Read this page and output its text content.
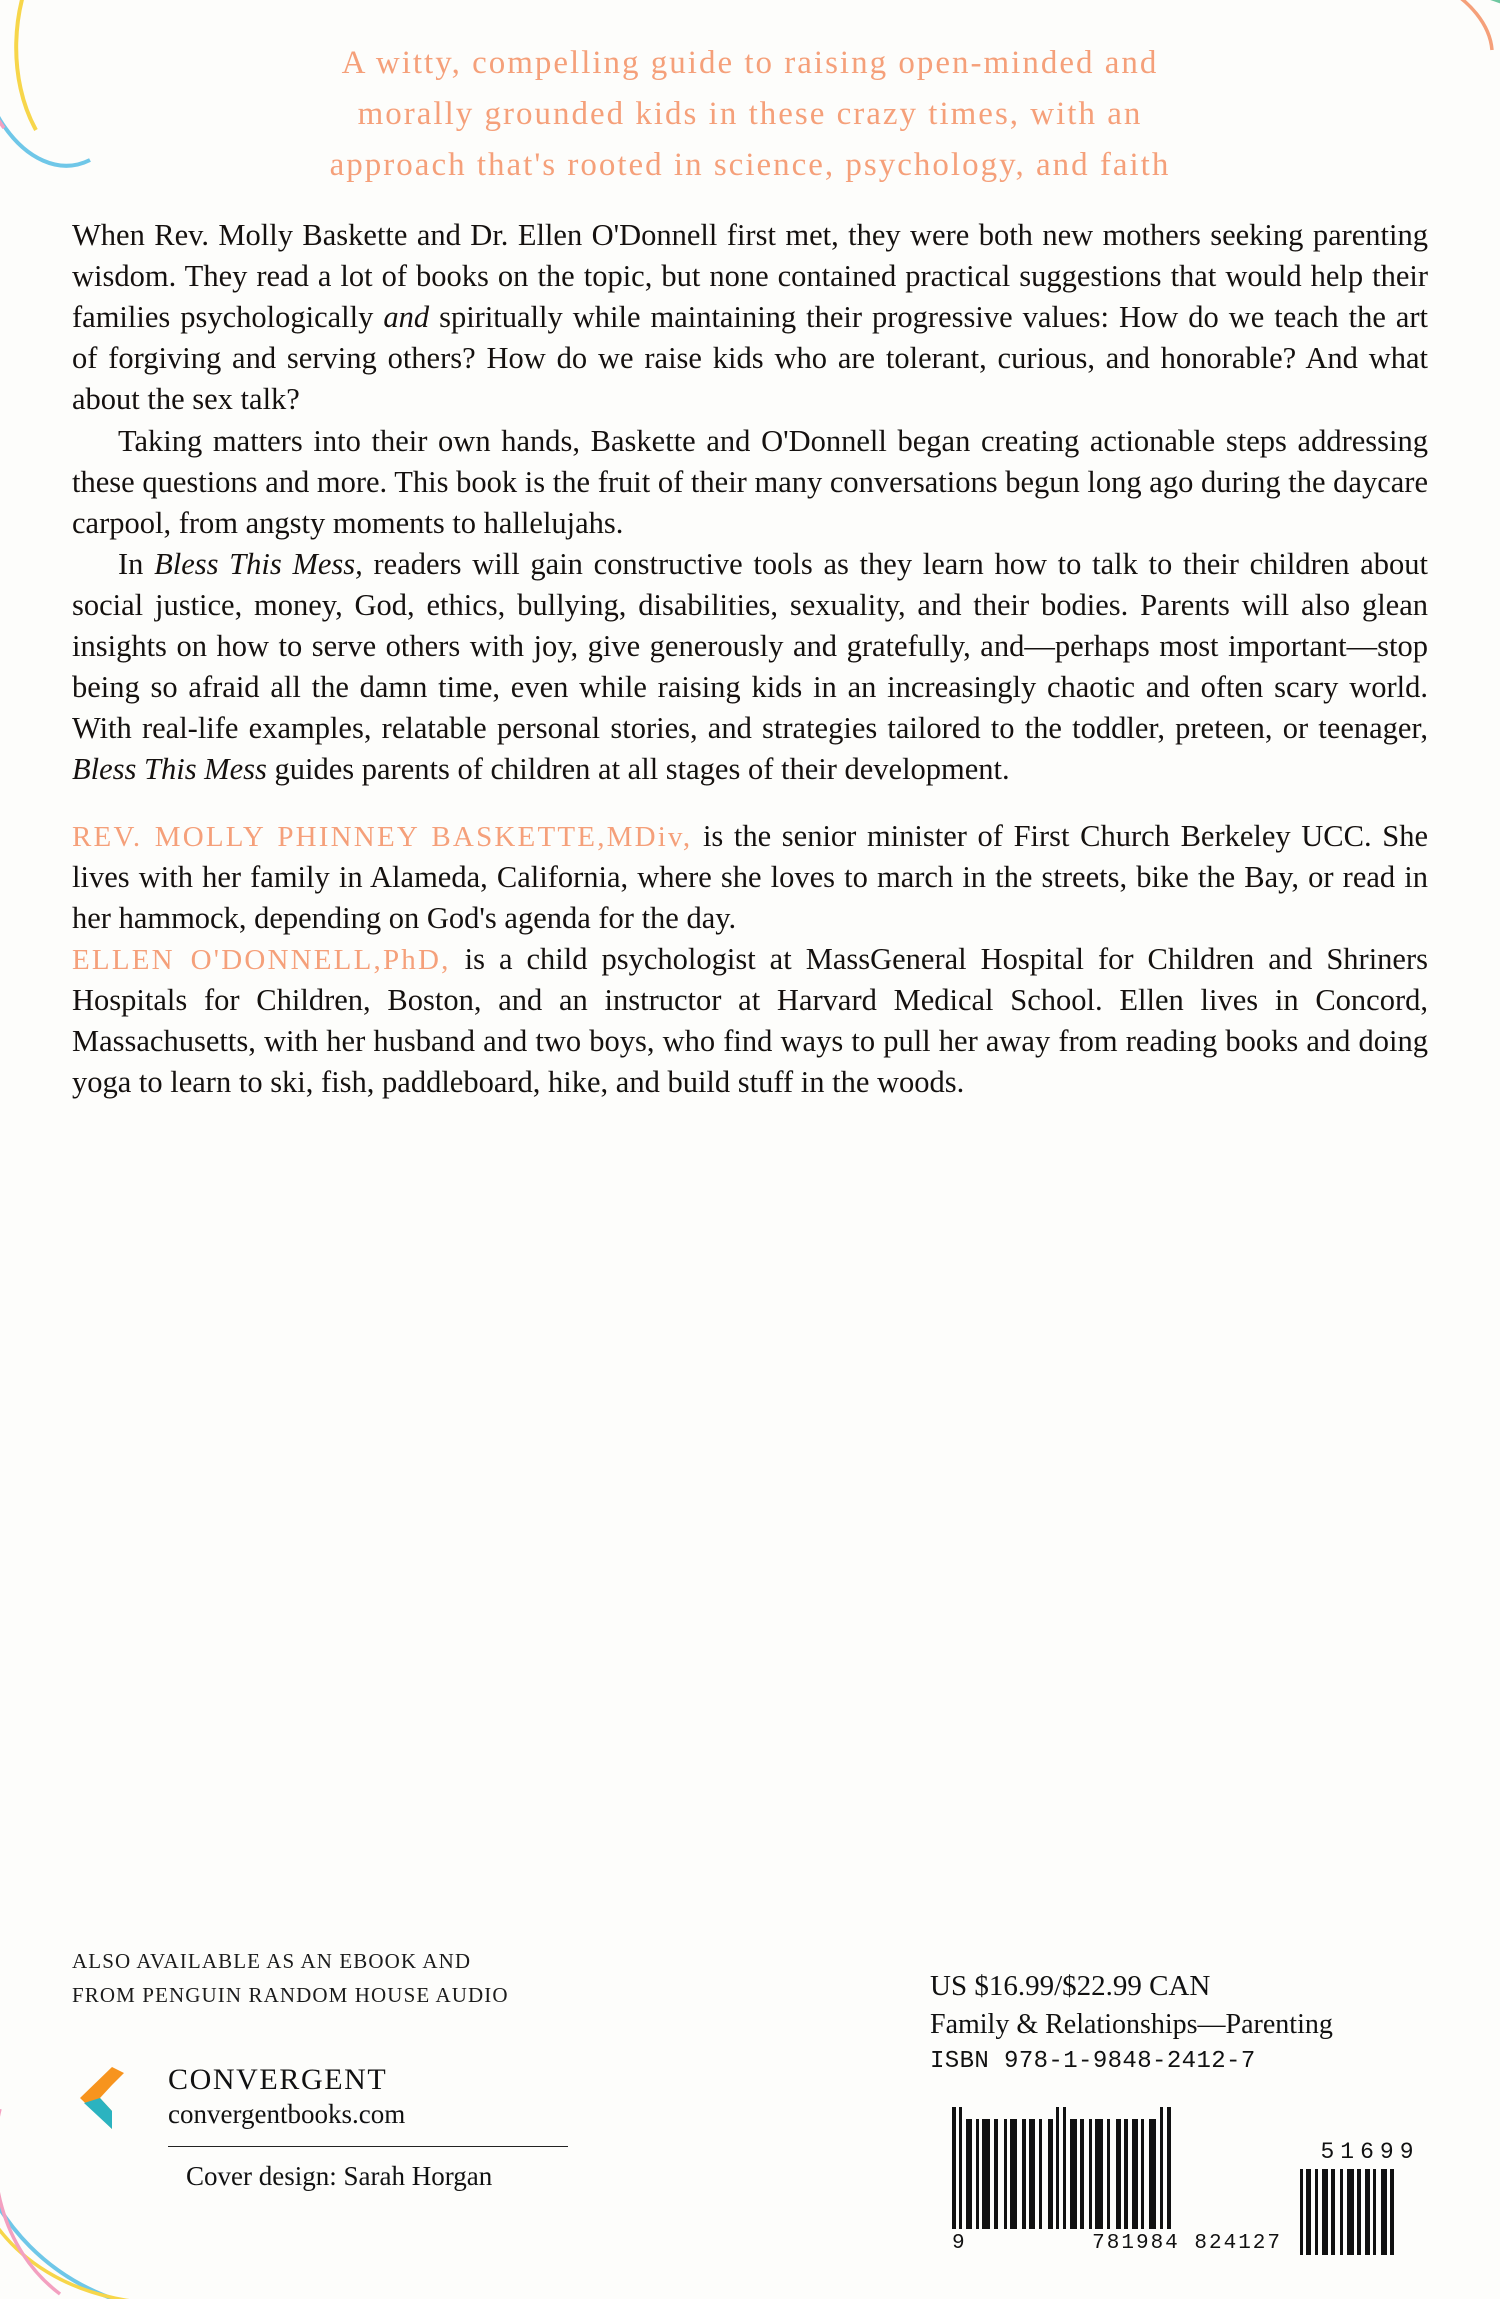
A witty, compelling guide to raising open-minded and
morally grounded kids in these crazy times, with an
approach that's rooted in science, psychology, and faith

When Rev. Molly Baskette and Dr. Ellen O'Donnell first met, they were both new mothers seeking parenting wisdom. They read a lot of books on the topic, but none contained practical suggestions that would help their families psychologically and spiritually while maintaining their progressive values: How do we teach the art of forgiving and serving others? How do we raise kids who are tolerant, curious, and honorable? And what about the sex talk?

Taking matters into their own hands, Baskette and O'Donnell began creating actionable steps addressing these questions and more. This book is the fruit of their many conversations begun long ago during the daycare carpool, from angsty moments to hallelujahs.

In Bless This Mess, readers will gain constructive tools as they learn how to talk to their children about social justice, money, God, ethics, bullying, disabilities, sexuality, and their bodies. Parents will also glean insights on how to serve others with joy, give generously and gratefully, and—perhaps most important—stop being so afraid all the damn time, even while raising kids in an increasingly chaotic and often scary world. With real-life examples, relatable personal stories, and strategies tailored to the toddler, preteen, or teenager, Bless This Mess guides parents of children at all stages of their development.

REV. MOLLY PHINNEY BASKETTE,MDiv, is the senior minister of First Church Berkeley UCC. She lives with her family in Alameda, California, where she loves to march in the streets, bike the Bay, or read in her hammock, depending on God's agenda for the day.

ELLEN O'DONNELL,PhD, is a child psychologist at MassGeneral Hospital for Children and Shriners Hospitals for Children, Boston, and an instructor at Harvard Medical School. Ellen lives in Concord, Massachusetts, with her husband and two boys, who find ways to pull her away from reading books and doing yoga to learn to ski, fish, paddleboard, hike, and build stuff in the woods.

ALSO AVAILABLE AS AN EBOOK AND
FROM PENGUIN RANDOM HOUSE AUDIO
CONVERGENT
convergentbooks.com
Cover design: Sarah Horgan
US $16.99/$22.99 CAN
Family & Relationships—Parenting
ISBN 978-1-9848-2412-7
9	781984 824127
51699
